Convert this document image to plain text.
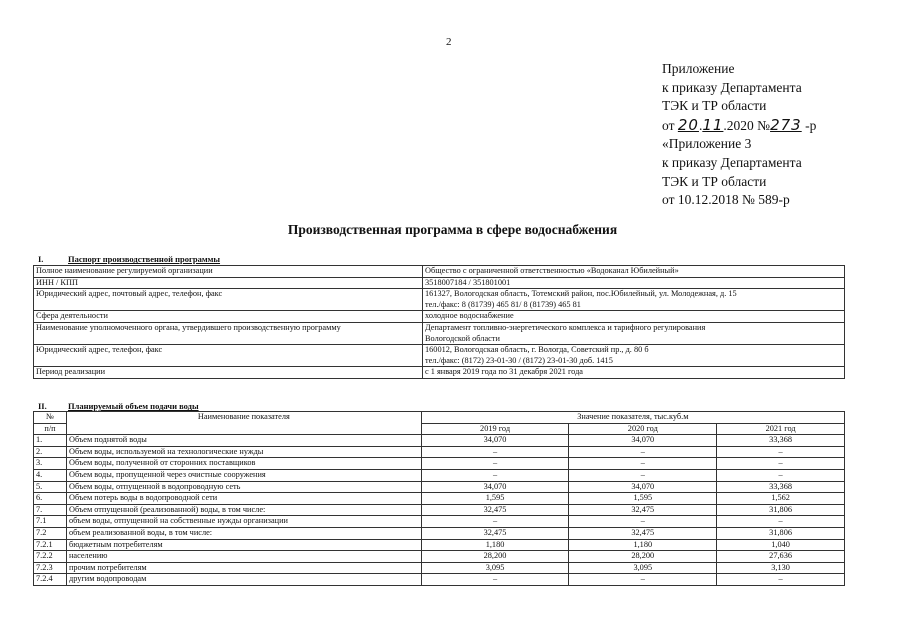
2
Приложение
к приказу Департамента
ТЭК и ТР области
от 20.11.2020 №273 -р
«Приложение 3
к приказу Департамента
ТЭК и ТР области
от 10.12.2018 № 589-р
Производственная программа в сфере водоснабжения
I.	Паспорт производственной программы
Полное наименование регулируемой организации	Общество с ограниченной ответственностью «Водоканал Юбилейный»

ИНН / КПП	3518007184 / 351801001

Юридический адрес, почтовый адрес, телефон, факс	161327, Вологодская область, Тотемский район, пос.Юбилейный, ул. Молодежная, д. 15
тел./факс: 8 (81739) 465 81/ 8 (81739) 465 81

Сфера деятельности	холодное водоснабжение

Наименование уполномоченного органа, утвердившего производственную программу	Департамент топливно-энергетического комплекса и тарифного регулирования
Вологодской области

Юридический адрес, телефон, факс	160012, Вологодская область, г. Вологда, Советский пр., д. 80 б
тел./факс: (8172) 23-01-30 / (8172) 23-01-30 доб. 1415

Период реализации	с 1 января 2019 года по 31 декабря 2021 года
II.	Планируемый объем подачи воды
№	Наименование показателя	Значение показателя, тыс.куб.м		
п/п		2019 год	2020 год	2021 год
1.	Объем поднятой воды	34,070	34,070	33,368
2.	Объем воды, используемой на технологические нужды	–	–	–
3.	Объем воды, полученной от сторонних поставщиков	–	–	–
4.	Объем воды, пропущенной через очистные сооружения	–	–	–
5.	Объем воды, отпущенной в водопроводную сеть	34,070	34,070	33,368
6.	Объем потерь воды в водопроводной сети	1,595	1,595	1,562
7.	Объем отпущенной (реализованной) воды, в том числе:	32,475	32,475	31,806
7.1	объем воды, отпущенной на собственные нужды организации	–	–	–
7.2	объем реализованной воды, в том числе:	32,475	32,475	31,806
7.2.1	бюджетным потребителям	1,180	1,180	1,040
7.2.2	населению	28,200	28,200	27,636
7.2.3	прочим потребителям	3,095	3,095	3,130
7.2.4	другим водопроводам	–	–	–
